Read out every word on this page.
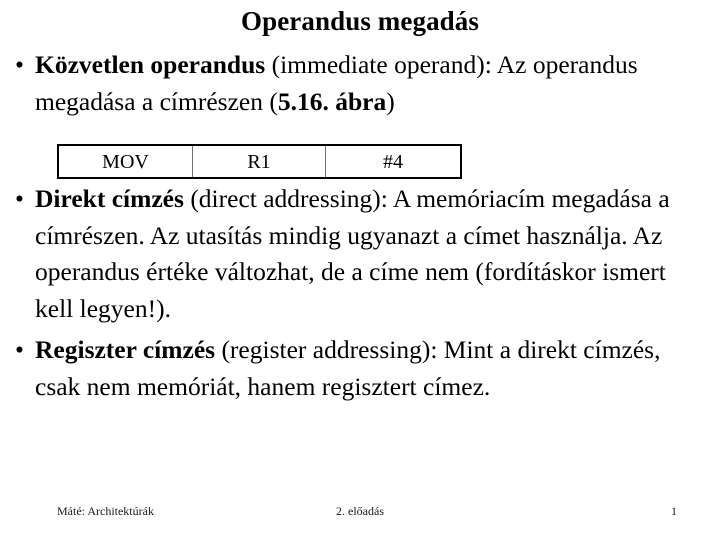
Operandus megadás
• Közvetlen operandus (immediate operand): Az operandus megadása a címrészen (5.16. ábra)
• Direkt címzés (direct addressing): A memóriacím megadása a címrészen. Az utasítás mindig ugyanazt a címet használja. Az operandus értéke változhat, de a címe nem (fordításkor ismert kell legyen!).
• Regiszter címzés (register addressing): Mint a direkt címzés, csak nem memóriát, hanem regisztert címez.
MOV	R1	#4
Máté: Architektúrák	2. előadás	1
